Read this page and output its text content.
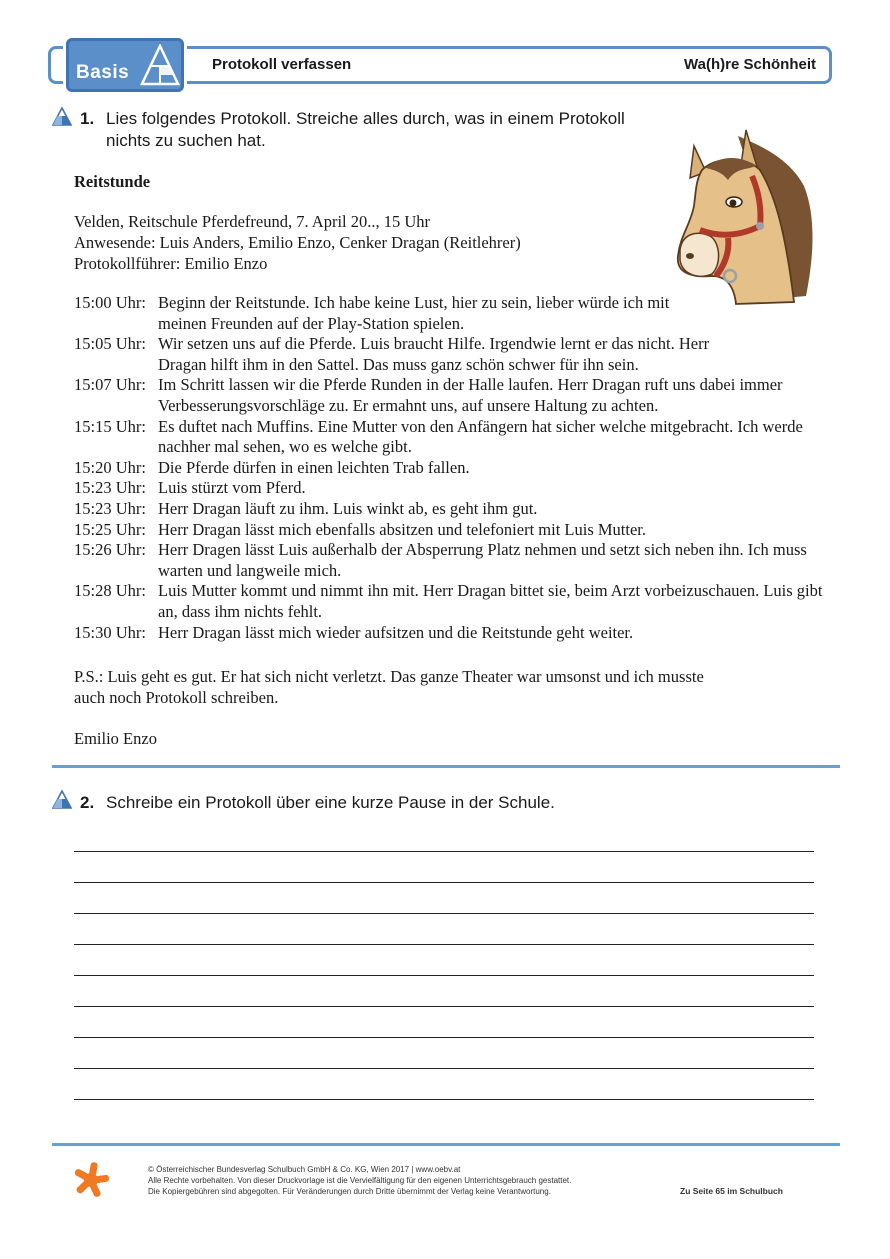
Basis	Protokoll verfassen	Wa(h)re Schönheit
1. Lies folgendes Protokoll. Streiche alles durch, was in einem Protokoll
nichts zu suchen hat.
Reitstunde
Velden, Reitschule Pferdefreund, 7. April 20.., 15 Uhr
Anwesende: Luis Anders, Emilio Enzo, Cenker Dragan (Reitlehrer)
Protokollführer: Emilio Enzo
15:00 Uhr: Beginn der Reitstunde. Ich habe keine Lust, hier zu sein, lieber würde ich mit meinen Freunden auf der Play-Station spielen.
15:05 Uhr: Wir setzen uns auf die Pferde. Luis braucht Hilfe. Irgendwie lernt er das nicht. Herr Dragan hilft ihm in den Sattel. Das muss ganz schön schwer für ihn sein.
15:07 Uhr: Im Schritt lassen wir die Pferde Runden in der Halle laufen. Herr Dragan ruft uns dabei immer Verbesserungsvorschläge zu. Er ermahnt uns, auf unsere Haltung zu achten.
15:15 Uhr: Es duftet nach Muffins. Eine Mutter von den Anfängern hat sicher welche mitgebracht. Ich werde nachher mal sehen, wo es welche gibt.
15:20 Uhr: Die Pferde dürfen in einen leichten Trab fallen.
15:23 Uhr: Luis stürzt vom Pferd.
15:23 Uhr: Herr Dragan läuft zu ihm. Luis winkt ab, es geht ihm gut.
15:25 Uhr: Herr Dragan lässt mich ebenfalls absitzen und telefoniert mit Luis Mutter.
15:26 Uhr: Herr Dragen lässt Luis außerhalb der Absperrung Platz nehmen und setzt sich neben ihn. Ich muss warten und langweile mich.
15:28 Uhr: Luis Mutter kommt und nimmt ihn mit. Herr Dragan bittet sie, beim Arzt vorbeizuschauen. Luis gibt an, dass ihm nichts fehlt.
15:30 Uhr: Herr Dragan lässt mich wieder aufsitzen und die Reitstunde geht weiter.
P.S.: Luis geht es gut. Er hat sich nicht verletzt. Das ganze Theater war umsonst und ich musste
auch noch Protokoll schreiben.
Emilio Enzo
2. Schreibe ein Protokoll über eine kurze Pause in der Schule.
© Österreichischer Bundesverlag Schulbuch GmbH & Co. KG, Wien 2017 | www.oebv.at
Alle Rechte vorbehalten. Von dieser Druckvorlage ist die Vervielfältigung für den eigenen Unterrichtsgebrauch gestattet.
Die Kopiergebühren sind abgegolten. Für Veränderungen durch Dritte übernimmt der Verlag keine Verantwortung.	Zu Seite 65 im Schulbuch
